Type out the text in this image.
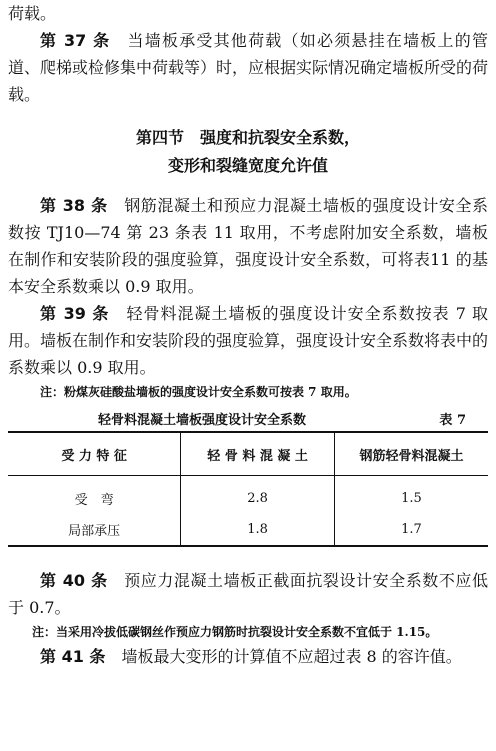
荷载。

第 37 条　 当墙板承受其他荷载（如必须悬挂在墙板上的管道、爬梯或检修集中荷载等）时，应根据实际情况确定墙板所受的荷载。

第四节　强度和抗裂安全系数，

变形和裂缝宽度允许值

第 38 条　 钢筋混凝土和预应力混凝土墙板的强度设计安全系数按 TJ10—74 第 23 条表 11 取用，不考虑附加安全系数，墙板在制作和安装阶段的强度验算，强度设计安全系数，可将表11 的基本安全系数乘以 0.9 取用。

第 39 条　 轻骨料混凝土墙板的强度设计安全系数按表 7 取用。墙板在制作和安装阶段的强度验算，强度设计安全系数将表中的系数乘以 0.9 取用。

注：粉煤灰硅酸盐墙板的强度设计安全系数可按表 7 取用。

轻骨料混凝土墙板强度设计安全系数	表 7
受 力 特 征	轻 骨 料 混 凝 土	钢筋轻骨料混凝土
受　弯	2.8	1.5
局部承压	1.8	1.7

第 40 条　 预应力混凝土墙板正截面抗裂设计安全系数不应低于 0.7。

注：当采用冷拔低碳钢丝作预应力钢筋时抗裂设计安全系数不宜低于 1.15。

第 41 条　 墙板最大变形的计算值不应超过表 8 的容许值。
